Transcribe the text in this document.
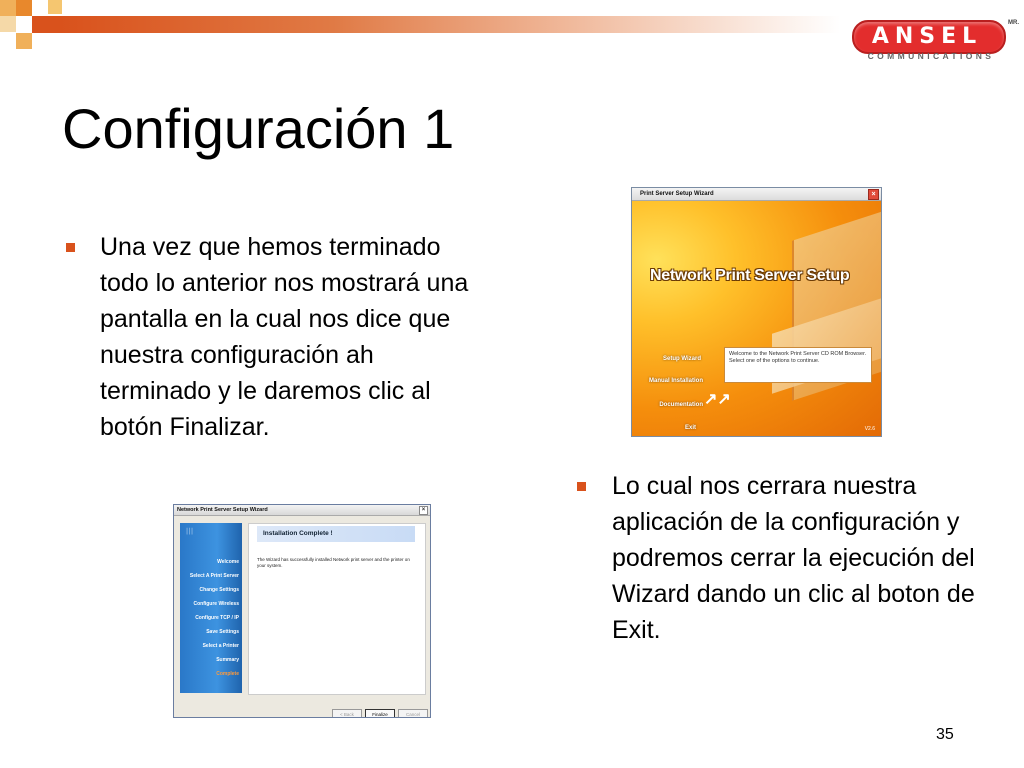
ANSEL
COMMUNICATIONS
MR.
Configuración 1
Una vez que hemos terminado todo lo anterior nos mostrará una pantalla en la cual nos dice que nuestra configuración ah terminado y le daremos clic al botón Finalizar.
Lo cual nos cerrara nuestra aplicación de la configuración y podremos cerrar la ejecución del Wizard dando un clic al boton de Exit.
Print Server Setup Wizard	×
Network Print Server Setup
Welcome to the Network Print Server CD ROM Browser. Select one of the options to continue.
Setup Wizard
Manual Installation
Documentation
Exit
↗↗
V2.6
Network Print Server Setup Wizard	×
≡
Welcome
Select A Print Server
Change Settings
Configure Wireless
Configure TCP / IP
Save Settings
Select a Printer
Summary
Complete
Installation Complete !
The Wizard has successfully installed Network print server and the printer on your system.
< Back	Finalize	Cancel
35
